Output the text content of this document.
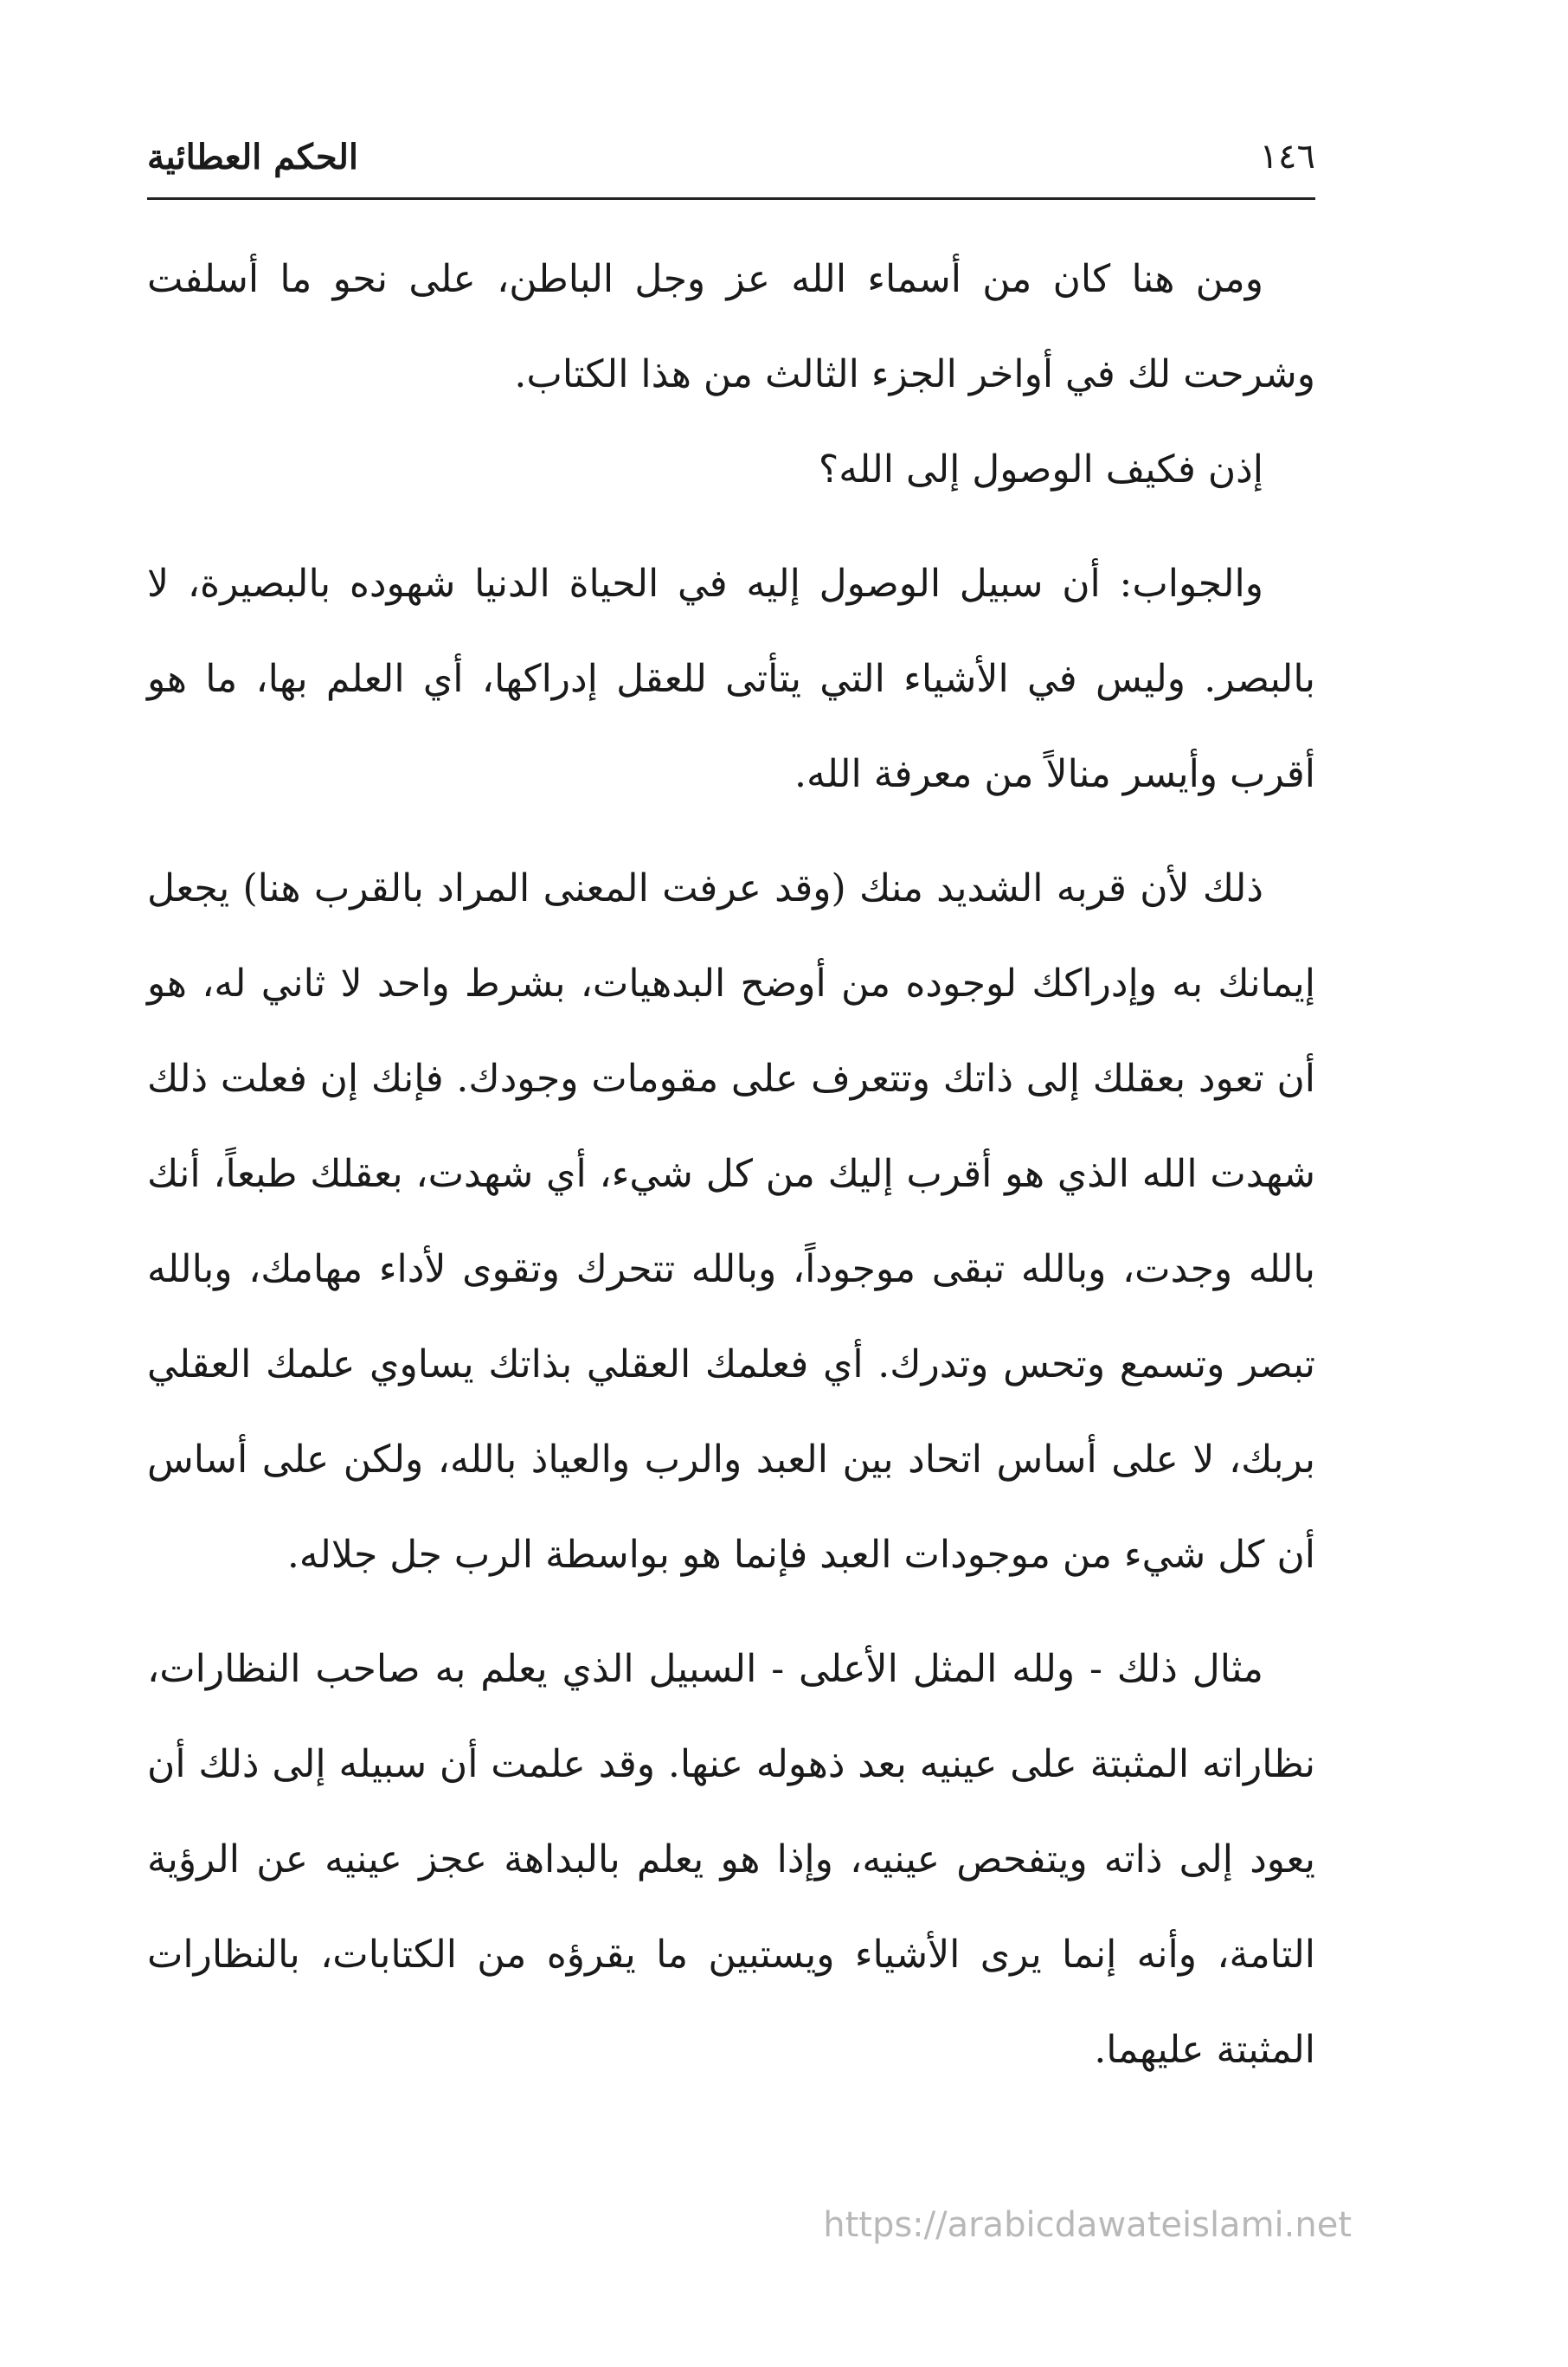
١٤٦
الحكم العطائية

ومن هنا كان من أسماء الله عز وجل الباطن، على نحو ما أسلفت وشرحت لك في أواخر الجزء الثالث من هذا الكتاب.

إذن فكيف الوصول إلى الله؟

والجواب: أن سبيل الوصول إليه في الحياة الدنيا شهوده بالبصيرة، لا بالبصر. وليس في الأشياء التي يتأتى للعقل إدراكها، أي العلم بها، ما هو أقرب وأيسر منالاً من معرفة الله.

ذلك لأن قربه الشديد منك (وقد عرفت المعنى المراد بالقرب هنا) يجعل إيمانك به وإدراكك لوجوده من أوضح البدهيات، بشرط واحد لا ثاني له، هو أن تعود بعقلك إلى ذاتك وتتعرف على مقومات وجودك. فإنك إن فعلت ذلك شهدت الله الذي هو أقرب إليك من كل شيء، أي شهدت، بعقلك طبعاً، أنك بالله وجدت، وبالله تبقى موجوداً، وبالله تتحرك وتقوى لأداء مهامك، وبالله تبصر وتسمع وتحس وتدرك. أي فعلمك العقلي بذاتك يساوي علمك العقلي بربك، لا على أساس اتحاد بين العبد والرب والعياذ بالله، ولكن على أساس أن كل شيء من موجودات العبد فإنما هو بواسطة الرب جل جلاله.

مثال ذلك - ولله المثل الأعلى - السبيل الذي يعلم به صاحب النظارات، نظاراته المثبتة على عينيه بعد ذهوله عنها. وقد علمت أن سبيله إلى ذلك أن يعود إلى ذاته ويتفحص عينيه، وإذا هو يعلم بالبداهة عجز عينيه عن الرؤية التامة، وأنه إنما يرى الأشياء ويستبين ما يقرؤه من الكتابات، بالنظارات المثبتة عليهما.

https://arabicdawateislami.net
